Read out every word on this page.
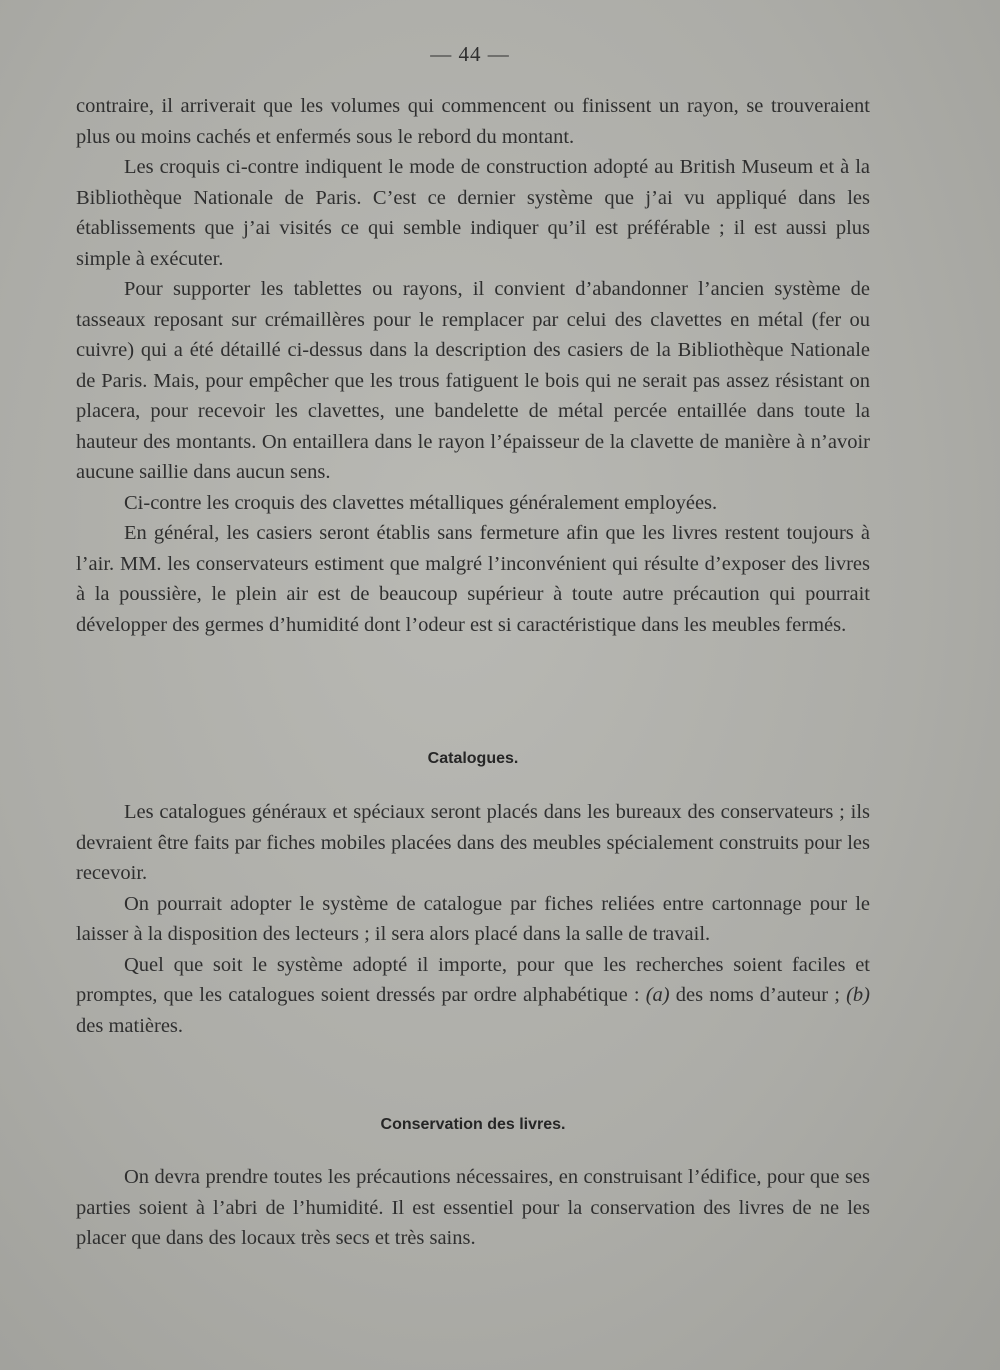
— 44 —

contraire, il arriverait que les volumes qui commencent ou finissent un rayon, se trouveraient plus ou moins cachés et enfermés sous le rebord du montant.

Les croquis ci-contre indiquent le mode de construction adopté au British Museum et à la Bibliothèque Nationale de Paris. C’est ce dernier système que j’ai vu appliqué dans les établissements que j’ai visités ce qui semble indiquer qu’il est préférable ; il est aussi plus simple à exécuter.

Pour supporter les tablettes ou rayons, il convient d’abandonner l’ancien système de tasseaux reposant sur crémaillères pour le remplacer par celui des clavettes en métal (fer ou cuivre) qui a été détaillé ci-dessus dans la description des casiers de la Bibliothèque Nationale de Paris. Mais, pour empêcher que les trous fatiguent le bois qui ne serait pas assez résistant on placera, pour recevoir les clavettes, une bandelette de métal percée entaillée dans toute la hauteur des montants. On entaillera dans le rayon l’épaisseur de la clavette de manière à n’avoir aucune saillie dans aucun sens.

Ci-contre les croquis des clavettes métalliques généralement employées.

En général, les casiers seront établis sans fermeture afin que les livres restent toujours à l’air. MM. les conservateurs estiment que malgré l’inconvénient qui résulte d’exposer des livres à la poussière, le plein air est de beaucoup supérieur à toute autre précaution qui pourrait développer des germes d’humidité dont l’odeur est si caractéristique dans les meubles fermés.

Catalogues.

Les catalogues généraux et spéciaux seront placés dans les bureaux des conservateurs ; ils devraient être faits par fiches mobiles placées dans des meubles spécialement construits pour les recevoir.

On pourrait adopter le système de catalogue par fiches reliées entre cartonnage pour le laisser à la disposition des lecteurs ; il sera alors placé dans la salle de travail.

Quel que soit le système adopté il importe, pour que les recherches soient faciles et promptes, que les catalogues soient dressés par ordre alphabétique : (a) des noms d’auteur ; (b) des matières.

Conservation des livres.

On devra prendre toutes les précautions nécessaires, en construisant l’édifice, pour que ses parties soient à l’abri de l’humidité. Il est essentiel pour la conservation des livres de ne les placer que dans des locaux très secs et très sains.
